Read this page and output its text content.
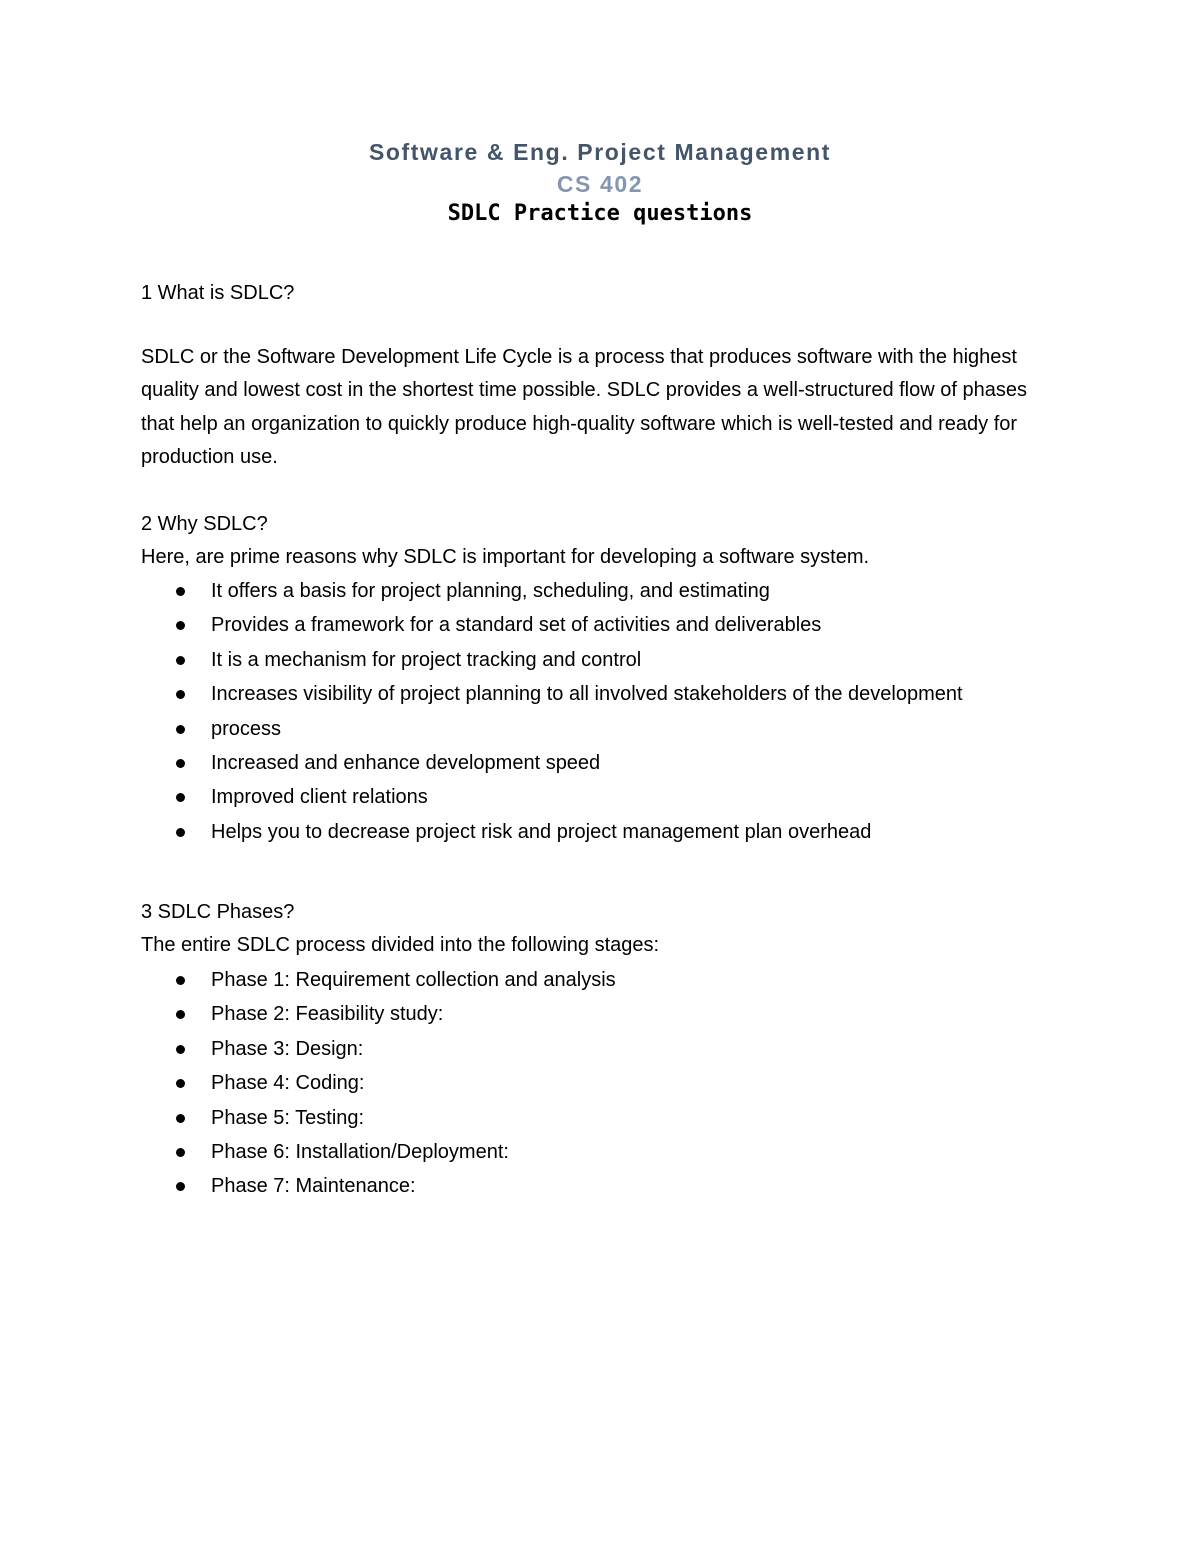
Software & Eng. Project Management
CS 402
SDLC Practice questions
1 What is SDLC?
SDLC or the Software Development Life Cycle is a process that produces software with the highest quality and lowest cost in the shortest time possible. SDLC provides a well-structured flow of phases that help an organization to quickly produce high-quality software which is well-tested and ready for production use.
2 Why SDLC?
Here, are prime reasons why SDLC is important for developing a software system.
It offers a basis for project planning, scheduling, and estimating
Provides a framework for a standard set of activities and deliverables
It is a mechanism for project tracking and control
Increases visibility of project planning to all involved stakeholders of the development
process
Increased and enhance development speed
Improved client relations
Helps you to decrease project risk and project management plan overhead
3 SDLC Phases?
The entire SDLC process divided into the following stages:
Phase 1: Requirement collection and analysis
Phase 2: Feasibility study:
Phase 3: Design:
Phase 4: Coding:
Phase 5: Testing:
Phase 6: Installation/Deployment:
Phase 7: Maintenance:
